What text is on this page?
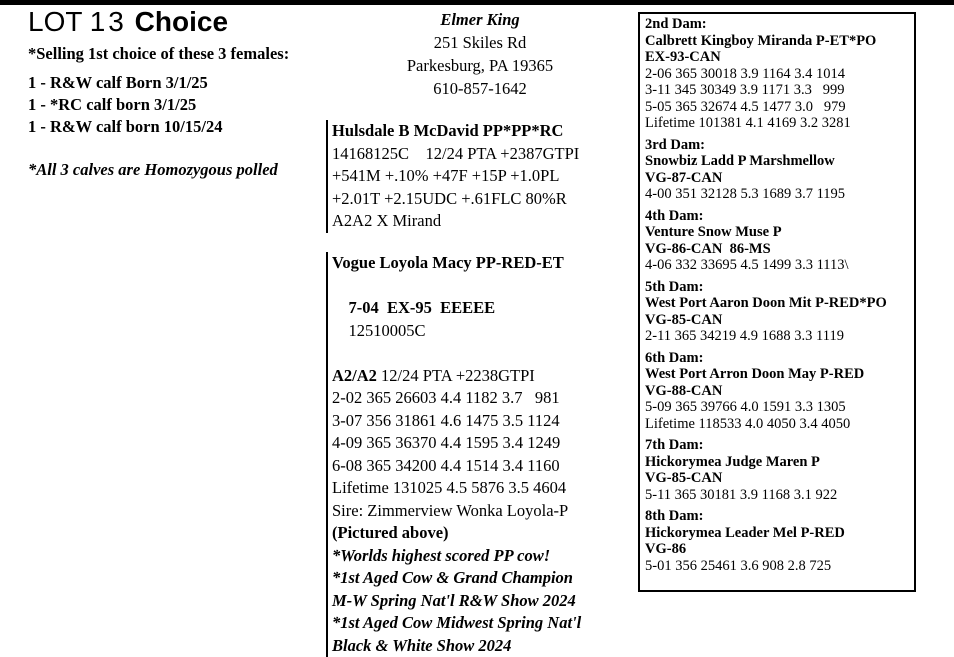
LOT 13 Choice
*Selling 1st choice of these 3 females:
1 - R&W calf Born 3/1/25
1 - *RC calf born 3/1/25
1 - R&W calf born 10/15/24
*All 3 calves are Homozygous polled
Elmer King
251 Skiles Rd
Parkesburg, PA 19365
610-857-1642
Hulsdale B McDavid PP*PP*RC
14168125C    12/24 PTA +2387GTPI
+541M +.10% +47F +15P +1.0PL
+2.01T +2.15UDC +.61FLC 80%R
A2A2 X Mirand
Vogue Loyola Macy PP-RED-ET

7-04  EX-95  EEEEE
12510005C

A2/A2 12/24 PTA +2238GTPI
2-02 365 26603 4.4 1182 3.7   981
3-07 356 31861 4.6 1475 3.5 1124
4-09 365 36370 4.4 1595 3.4 1249
6-08 365 34200 4.4 1514 3.4 1160
Lifetime 131025 4.5 5876 3.5 4604
Sire: Zimmerview Wonka Loyola-P
(Pictured above)
*Worlds highest scored PP cow!
*1st Aged Cow & Grand Champion
M-W Spring Nat'l R&W Show 2024
*1st Aged Cow Midwest Spring Nat'l
Black & White Show 2024
2nd Dam:
Calbrett Kingboy Miranda P-ET*PO
EX-93-CAN
2-06 365 30018 3.9 1164 3.4 1014
3-11 345 30349 3.9 1171 3.3   999
5-05 365 32674 4.5 1477 3.0   979
Lifetime 101381 4.1 4169 3.2 3281
3rd Dam:
Snowbiz Ladd P Marshmellow
VG-87-CAN
4-00 351 32128 5.3 1689 3.7 1195
4th Dam:
Venture Snow Muse P
VG-86-CAN  86-MS
4-06 332 33695 4.5 1499 3.3 1113\
5th Dam:
West Port Aaron Doon Mit P-RED*PO
VG-85-CAN
2-11 365 34219 4.9 1688 3.3 1119
6th Dam:
West Port Arron Doon May P-RED
VG-88-CAN
5-09 365 39766 4.0 1591 3.3 1305
Lifetime 118533 4.0 4050 3.4 4050
7th Dam:
Hickorymea Judge Maren P
VG-85-CAN
5-11 365 30181 3.9 1168 3.1 922
8th Dam:
Hickorymea Leader Mel P-RED
VG-86
5-01 356 25461 3.6 908 2.8 725
